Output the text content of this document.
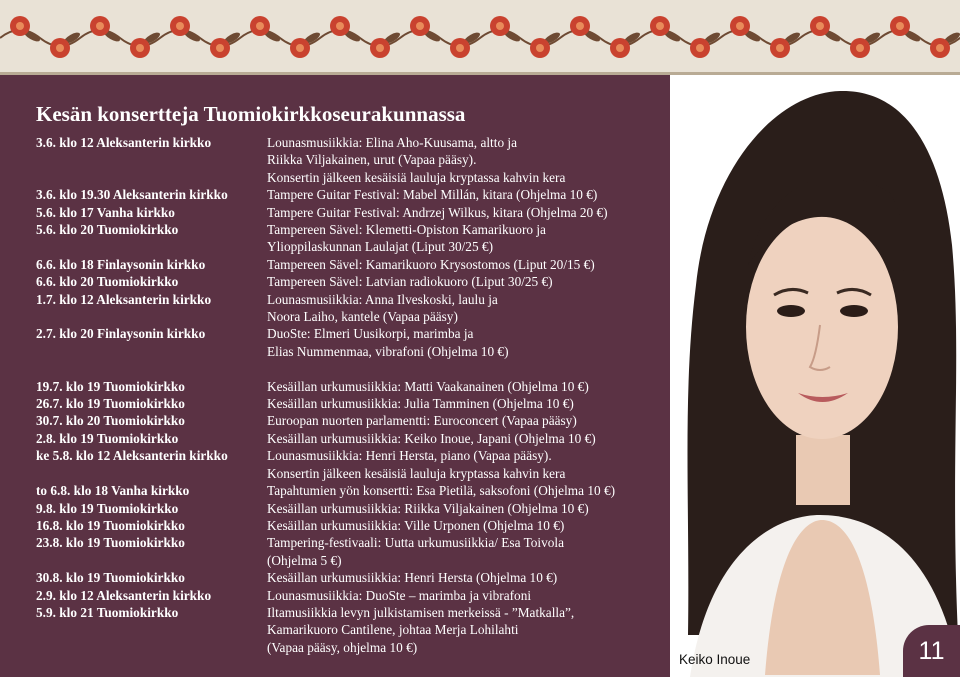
Kesän konsertteja Tuomiokirkkoseurakunnassa
3.6. klo 12 Aleksanterin kirkko	Lounasmusiikkia: Elina Aho-Kuusama, altto ja
Riikka Viljakainen, urut (Vapaa pääsy).
Konsertin jälkeen kesäisiä lauluja kryptassa kahvin kera
3.6. klo 19.30 Aleksanterin kirkko	Tampere Guitar Festival: Mabel Millán, kitara (Ohjelma 10 €)
5.6. klo 17 Vanha kirkko	Tampere Guitar Festival: Andrzej Wilkus, kitara (Ohjelma 20 €)
5.6. klo 20 Tuomiokirkko	Tampereen Sävel: Klemetti-Opiston Kamarikuoro ja
Ylioppilaskunnan Laulajat (Liput 30/25 €)
6.6. klo 18 Finlaysonin kirkko	Tampereen Sävel: Kamarikuoro Krysostomos (Liput 20/15 €)
6.6. klo 20 Tuomiokirkko	Tampereen Sävel: Latvian radiokuoro (Liput 30/25 €)
1.7. klo 12 Aleksanterin kirkko	Lounasmusiikkia: Anna Ilveskoski, laulu ja
Noora Laiho, kantele (Vapaa pääsy)
2.7. klo 20 Finlaysonin kirkko	DuoSte: Elmeri Uusikorpi, marimba ja
Elias Nummenmaa, vibrafoni (Ohjelma 10 €)
19.7. klo 19 Tuomiokirkko	Kesäillan urkumusiikkia: Matti Vaakanainen (Ohjelma 10 €)
26.7. klo 19 Tuomiokirkko	Kesäillan urkumusiikkia: Julia Tamminen (Ohjelma 10 €)
30.7. klo 20 Tuomiokirkko	Euroopan nuorten parlamentti: Euroconcert (Vapaa pääsy)
2.8. klo 19 Tuomiokirkko	Kesäillan urkumusiikkia: Keiko Inoue, Japani (Ohjelma 10 €)
ke 5.8. klo 12 Aleksanterin kirkko	Lounasmusiikkia: Henri Hersta, piano (Vapaa pääsy).
Konsertin jälkeen kesäisiä lauluja kryptassa kahvin kera
to 6.8. klo 18 Vanha kirkko	Tapahtumien yön konsertti: Esa Pietilä, saksofoni (Ohjelma 10 €)
9.8. klo 19 Tuomiokirkko	Kesäillan urkumusiikkia: Riikka Viljakainen (Ohjelma 10 €)
16.8. klo 19 Tuomiokirkko	Kesäillan urkumusiikkia: Ville Urponen (Ohjelma 10 €)
23.8. klo 19 Tuomiokirkko	Tampering-festivaali: Uutta urkumusiikkia/ Esa Toivola
(Ohjelma 5 €)
30.8. klo 19 Tuomiokirkko	Kesäillan urkumusiikkia: Henri Hersta (Ohjelma 10 €)
2.9. klo 12 Aleksanterin kirkko	Lounasmusiikkia: DuoSte – marimba ja vibrafoni
5.9. klo 21 Tuomiokirkko	Iltamusiikkia levyn julkistamisen merkeissä - ”Matkalla”,
Kamarikuoro Cantilene, johtaa Merja Lohilahti
(Vapaa pääsy, ohjelma 10 €)
Keiko Inoue	11
